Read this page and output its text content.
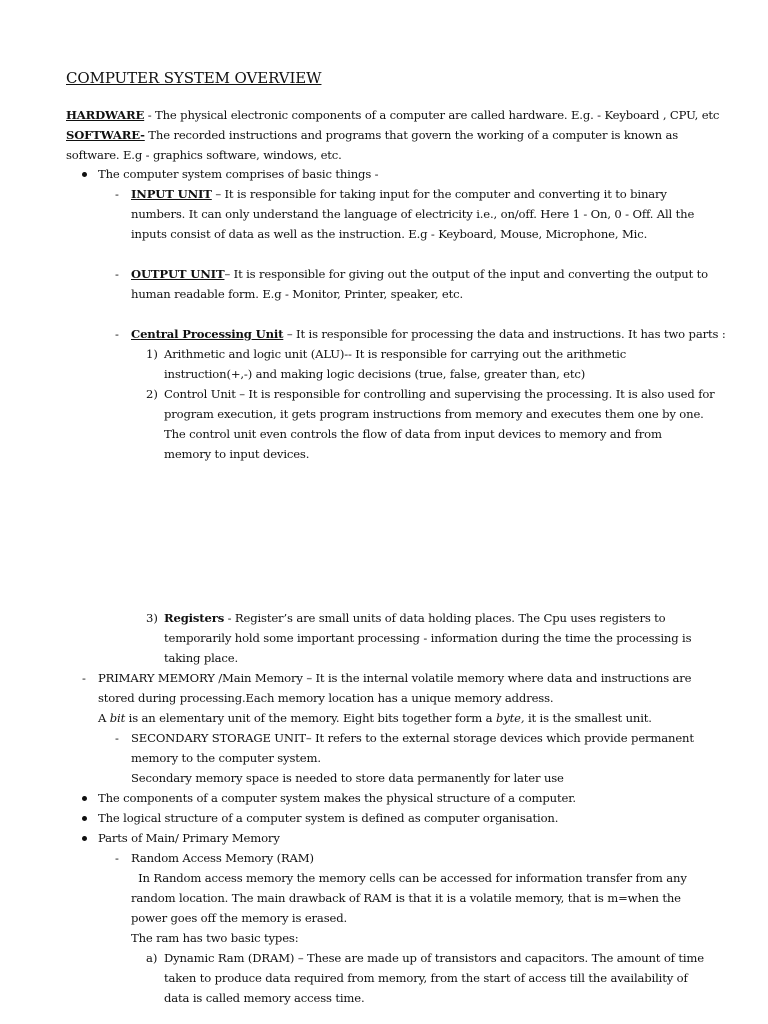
COMPUTER SYSTEM OVERVIEW
HARDWARE - The physical electronic components of a computer are called hardware. E.g. - Keyboard , CPU, etc
SOFTWARE- The recorded instructions and programs that govern the working of a computer is known as
software. E.g - graphics software, windows, etc.
The computer system comprises of basic things -
- INPUT UNIT – It is responsible for taking input for the computer and converting it to binary
numbers. It can only understand the language of electricity i.e., on/off. Here 1 - On, 0 - Off. All the
inputs consist of data as well as the instruction. E.g - Keyboard, Mouse, Microphone, Mic.
- OUTPUT UNIT– It is responsible for giving out the output of the input and converting the output to
human readable form. E.g - Monitor, Printer, speaker, etc.
- Central Processing Unit – It is responsible for processing the data and instructions. It has two parts :
1) Arithmetic and logic unit (ALU)-- It is responsible for carrying out the arithmetic
instruction(+,-) and making logic decisions (true, false, greater than, etc)
2) Control Unit – It is responsible for controlling and supervising the processing. It is also used for
program execution, it gets program instructions from memory and executes them one by one.
The control unit even controls the flow of data from input devices to memory and from
memory to input devices.
3) Registers - Register’s are small units of data holding places. The Cpu uses registers to
temporarily hold some important processing - information during the time the processing is
taking place.
- PRIMARY MEMORY /Main Memory – It is the internal volatile memory where data and instructions are
stored during processing.Each memory location has a unique memory address.
A bit is an elementary unit of the memory. Eight bits together form a byte, it is the smallest unit.
- SECONDARY STORAGE UNIT– It refers to the external storage devices which provide permanent
memory to the computer system.
Secondary memory space is needed to store data permanently for later use
The components of a computer system makes the physical structure of a computer.
The logical structure of a computer system is defined as computer organisation.
Parts of Main/ Primary Memory
- Random Access Memory (RAM)
In Random access memory the memory cells can be accessed for information transfer from any
random location. The main drawback of RAM is that it is a volatile memory, that is m=when the
power goes off the memory is erased.
The ram has two basic types:
a) Dynamic Ram (DRAM) – These are made up of transistors and capacitors. The amount of time
taken to produce data required from memory, from the start of access till the availability of
data is called memory access time.
